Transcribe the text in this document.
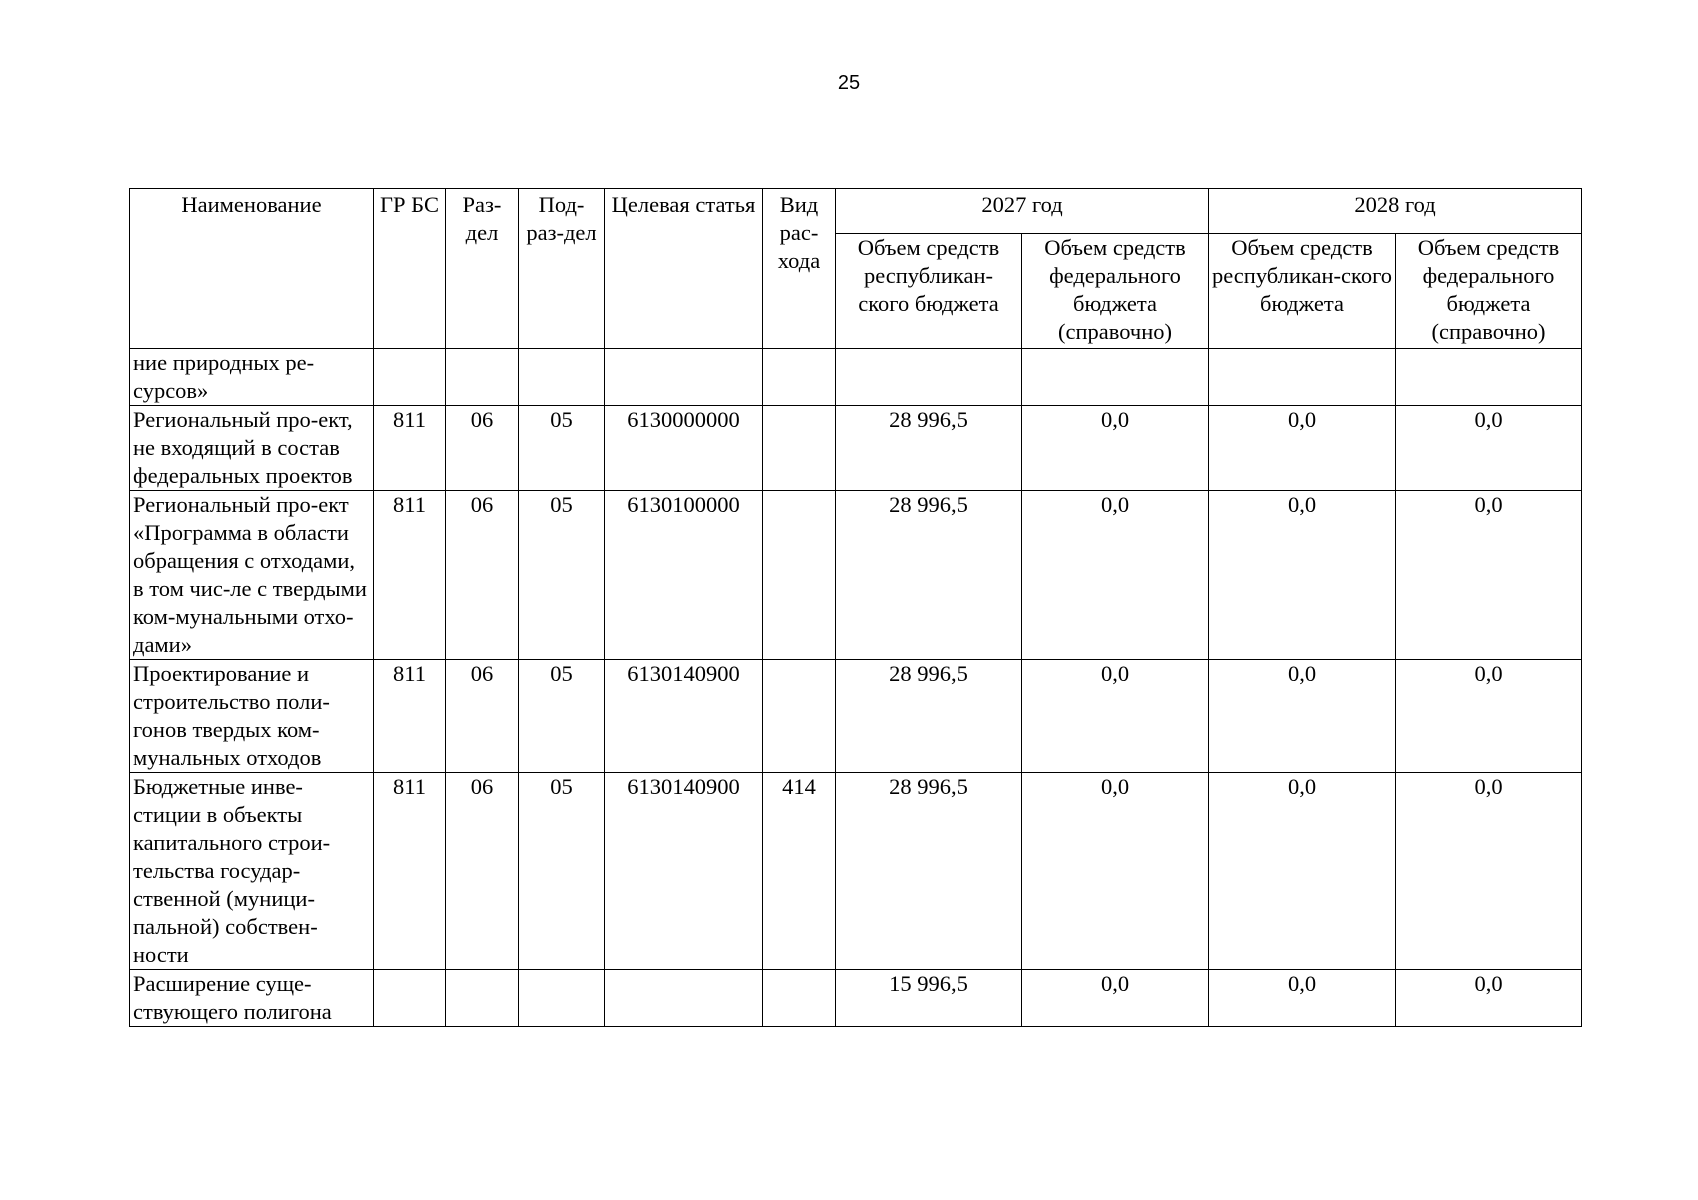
25
Наименование	ГР БС	Раз-дел	Под-раз-дел	Целевая статья	Вид рас-хода	2027 год		2028 год	

						Объем средств республикан-ского бюджета	Объем средств федерального бюджета (справочно)	Объем средств республикан-ского бюджета	Объем средств федерального бюджета (справочно)
ние природных ре-сурсов»									
Региональный про-ект, не входящий в состав федеральных проектов	811	06	05	6130000000		28 996,5	0,0	0,0	0,0
Региональный про-ект «Программа в области обращения с отходами, в том чис-ле с твердыми ком-мунальными отхо-дами»	811	06	05	6130100000		28 996,5	0,0	0,0	0,0
Проектирование и строительство поли-гонов твердых ком-мунальных отходов	811	06	05	6130140900		28 996,5	0,0	0,0	0,0
Бюджетные инве-стиции в объекты капитального строи-тельства государ-ственной (муници-пальной) собствен-ности	811	06	05	6130140900	414	28 996,5	0,0	0,0	0,0
Расширение суще-ствующего полигона						15 996,5	0,0	0,0	0,0
